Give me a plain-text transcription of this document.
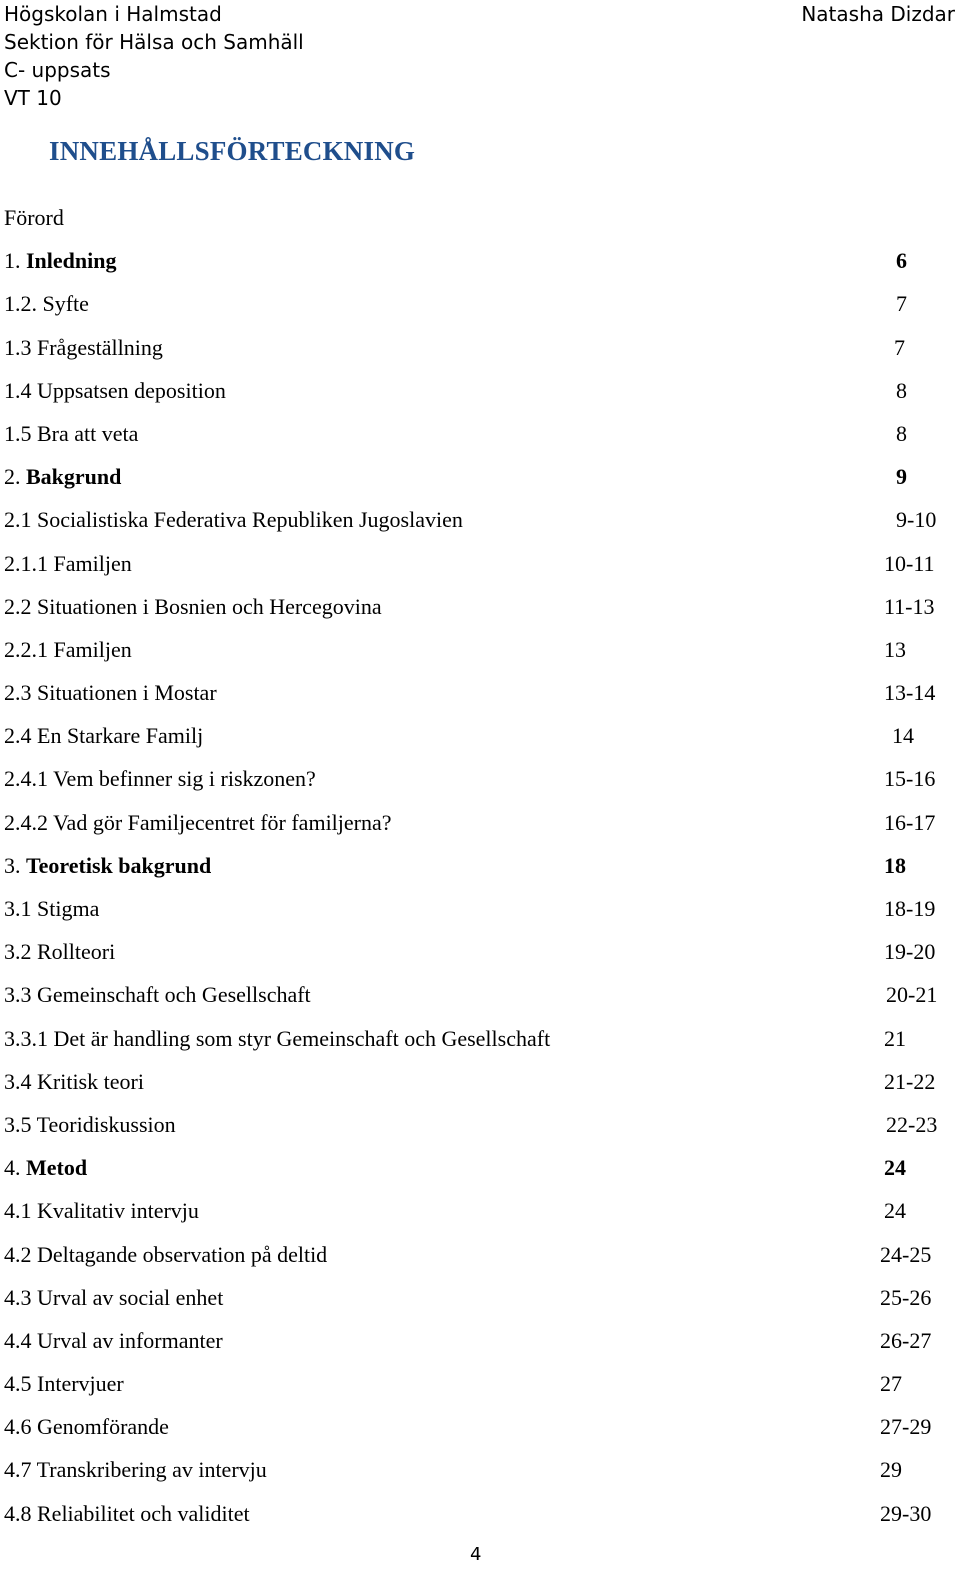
Högskolan i Halmstad
Sektion för Hälsa och Samhäll
C- uppsats
VT 10
Natasha Dizdar
INNEHÅLLSFÖRTECKNING
Förord
1. Inledning	6
1.2. Syfte	7
1.3 Frågeställning	7
1.4 Uppsatsen deposition	8
1.5 Bra att veta	8
2. Bakgrund	9
2.1 Socialistiska Federativa Republiken Jugoslavien	9-10
2.1.1 Familjen	10-11
2.2 Situationen i Bosnien och Hercegovina	11-13
2.2.1 Familjen	13
2.3 Situationen i Mostar	13-14
2.4 En Starkare Familj	14
2.4.1 Vem befinner sig i riskzonen?	15-16
2.4.2 Vad gör Familjecentret för familjerna?	16-17
3. Teoretisk bakgrund	18
3.1 Stigma	18-19
3.2 Rollteori	19-20
3.3 Gemeinschaft och Gesellschaft	20-21
3.3.1 Det är handling som styr Gemeinschaft och Gesellschaft	21
3.4 Kritisk teori	21-22
3.5 Teoridiskussion	22-23
4. Metod	24
4.1 Kvalitativ intervju	24
4.2 Deltagande observation på deltid	24-25
4.3 Urval av social enhet	25-26
4.4 Urval av informanter	26-27
4.5 Intervjuer	27
4.6 Genomförande	27-29
4.7 Transkribering av intervju	29
4.8 Reliabilitet och validitet	29-30
4
